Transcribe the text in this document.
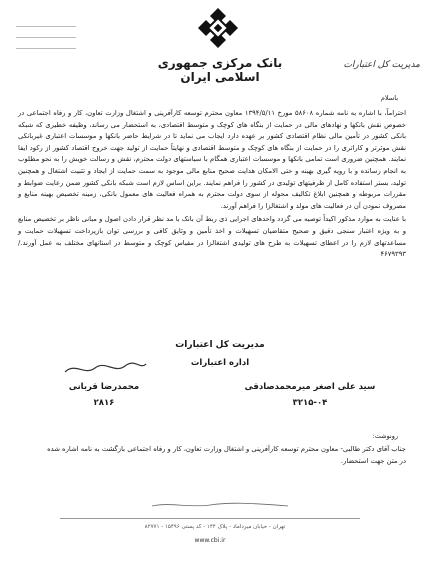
بانک مرکزی جمهوری اسلامی ایران
مدیریت کل اعتبارات
باسلام

احتراماً، با اشاره به نامه شماره ۵۸۶۰۸ مورخ ۱۳۹۴/۵/۱۱ معاون محترم توسعه کارآفرینی و اشتغال وزارت تعاون، کار و رفاه اجتماعی در خصوص نقش بانکها و نهادهای مالی در حمایت از بنگاه های کوچک و متوسط اقتصادی، به استحضار می رساند، وظیفه خطیری که شبکه بانکی کشور در تأمین مالی نظام اقتصادی کشور بر عهده دارد ایجاب می نماید تا در شرایط حاضر بانکها و موسسات اعتباری غیربانکی نقش موثرتر و کاراتری را در حمایت از بنگاه های کوچک و متوسط اقتصادی و نهایتاً حمایت از تولید جهت خروج اقتصاد کشور از رکود ایفا نمایند. همچنین ضروری است تمامی بانکها و موسسات اعتباری همگام با سیاستهای دولت محترم، نقش و رسالت خویش را به نحو مطلوب به انجام رسانده و با رویه گیری بهینه و حتی الامکان هدایت صحیح منابع مالی موجود به سمت حمایت از ایجاد و تثبیت اشتغال و همچنین تولید، بستر استفاده کامل از ظرفیتهای تولیدی در کشور را فراهم نمایند. براین اساس لازم است شبکه بانکی کشور ضمن رعایت ضوابط و مقررات مربوطه و همچنین ابلاغ تکالیف محوله از سوی دولت محترم به همراه فعالیت های معمول بانکی، زمینه تخصیص بهینه منابع و مصروف نمودن آن در فعالیت های مولد و اشتغالزا را فراهم آورند.

با عنایت به موارد مذکور اکیداً توصیه می گردد واحدهای اجرایی ذی ربط آن بانک با مد نظر قرار دادن اصول و مبانی ناظر بر تخصیص منابع و به ویژه اعتبار سنجی دقیق و صحیح متقاضیان تسهیلات و اخذ تأمین و وثایق کافی و بررسی توان بازپرداخت تسهیلات حمایت و مساعدتهای لازم را در اعطای تسهیلات به طرح های تولیدی اشتغالزا در مقیاس کوچک و متوسط در استانهای مختلف به عمل آورند./ ۴۶۷۹۳۹۳

مدیریت کل اعتبارات
اداره اعتبارات
محمدرضا قربانی	سید علی اصغر میرمحمدصادقی
۲۸۱۶	۳۲۱۵-۰۴
رونوشت:
جناب آقای دکتر طالبی- معاون محترم توسعه کارآفرینی و اشتغال وزارت تعاون، کار و رفاه اجتماعی بازگشت به نامه اشاره شده در متن جهت استحضار.
تهران - خیابان میرداماد - پلاک ۱۴۴ - کد پستی ۱۵۴۹۶ - ۸۲۷۷۱
www.cbi.ir
